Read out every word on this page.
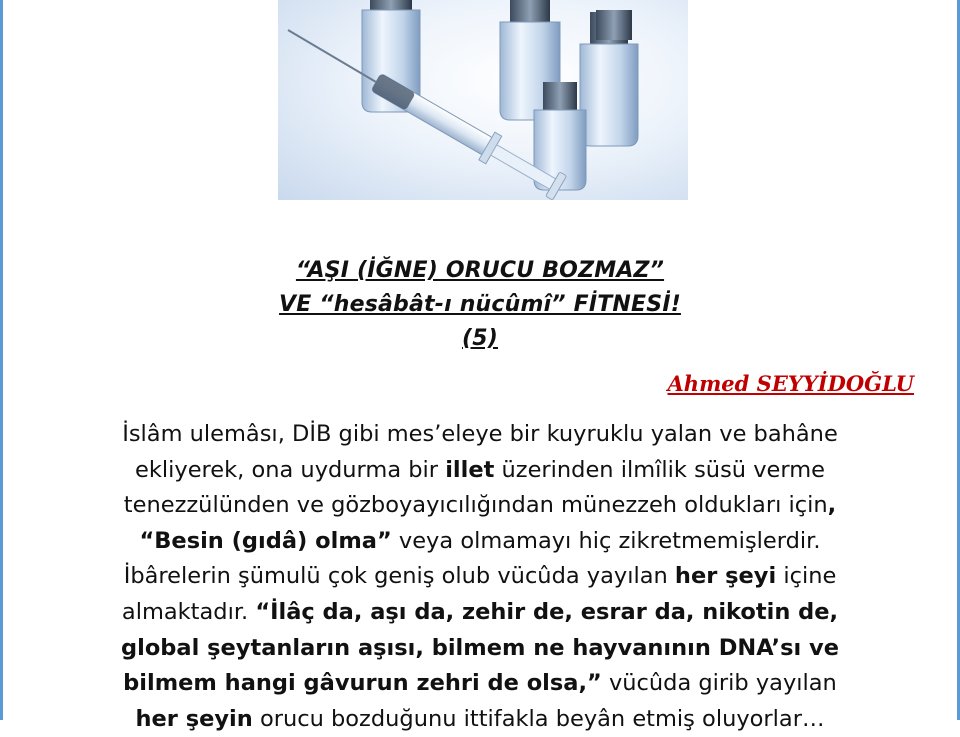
“AŞI (İĞNE) ORUCU BOZMAZ”
VE “hesâbât-ı nücûmî” FİTNESİ!
(5)
Ahmed SEYYİDOĞLU
İslâm ulemâsı, DİB gibi mes’eleye bir kuyruklu yalan ve bahâne
ekliyerek, ona uydurma bir illet üzerinden ilmîlik süsü verme
tenezzülünden ve gözboyayıcılığından münezzeh oldukları için,
“Besin (gıdâ) olma” veya olmamayı hiç zikretmemişlerdir.
İbârelerin şümulü çok geniş olub vücûda yayılan her şeyi içine
almaktadır. “İlâç da, aşı da, zehir de, esrar da, nikotin de,
global şeytanların aşısı, bilmem ne hayvanının DNA’sı ve
bilmem hangi gâvurun zehri de olsa,” vücûda girib yayılan
her şeyin orucu bozduğunu ittifakla beyân etmiş oluyorlar…
